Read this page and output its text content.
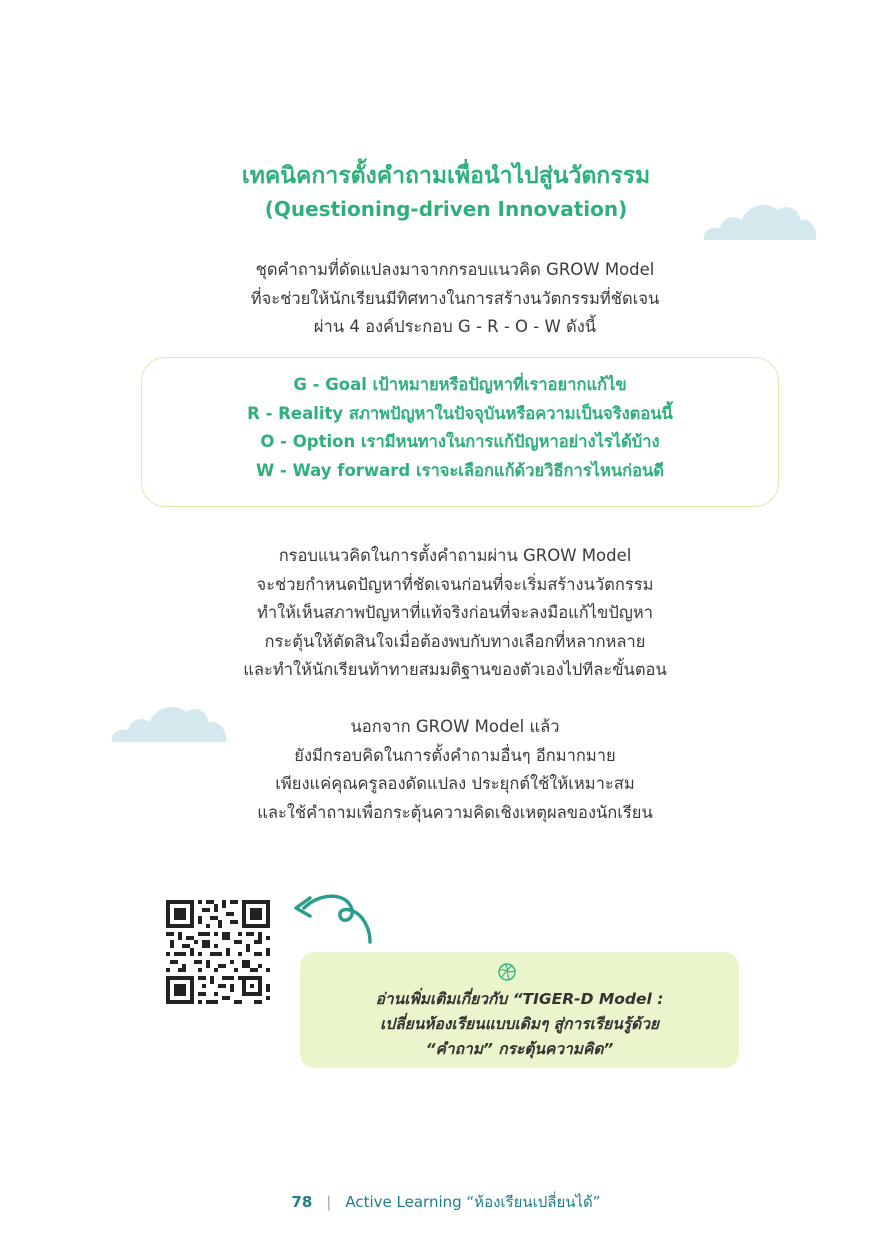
เทคนิคการตั้งคำถามเพื่อนำไปสู่นวัตกรรม
(Questioning-driven Innovation)
ชุดคำถามที่ดัดแปลงมาจากกรอบแนวคิด GROW Model
ที่จะช่วยให้นักเรียนมีทิศทางในการสร้างนวัตกรรมที่ชัดเจน
ผ่าน 4 องค์ประกอบ G - R - O - W ดังนี้
G - Goal เป้าหมายหรือปัญหาที่เราอยากแก้ไข
R - Reality สภาพปัญหาในปัจจุบันหรือความเป็นจริงตอนนี้
O - Option เรามีหนทางในการแก้ปัญหาอย่างไรได้บ้าง
W - Way forward เราจะเลือกแก้ด้วยวิธีการไหนก่อนดี
กรอบแนวคิดในการตั้งคำถามผ่าน GROW Model
จะช่วยกำหนดปัญหาที่ชัดเจนก่อนที่จะเริ่มสร้างนวัตกรรม
ทำให้เห็นสภาพปัญหาที่แท้จริงก่อนที่จะลงมือแก้ไขปัญหา
กระตุ้นให้ตัดสินใจเมื่อต้องพบกับทางเลือกที่หลากหลาย
และทำให้นักเรียนท้าทายสมมติฐานของตัวเองไปทีละขั้นตอน
นอกจาก GROW Model แล้ว
ยังมีกรอบคิดในการตั้งคำถามอื่นๆ อีกมากมาย
เพียงแค่คุณครูลองดัดแปลง ประยุกต์ใช้ให้เหมาะสม
และใช้คำถามเพื่อกระตุ้นความคิดเชิงเหตุผลของนักเรียน
อ่านเพิ่มเติมเกี่ยวกับ “TIGER-D Model :
เปลี่ยนห้องเรียนแบบเดิมๆ สู่การเรียนรู้ด้วย
“คำถาม” กระตุ้นความคิด”
78 | Active Learning “ห้องเรียนเปลี่ยนได้”
